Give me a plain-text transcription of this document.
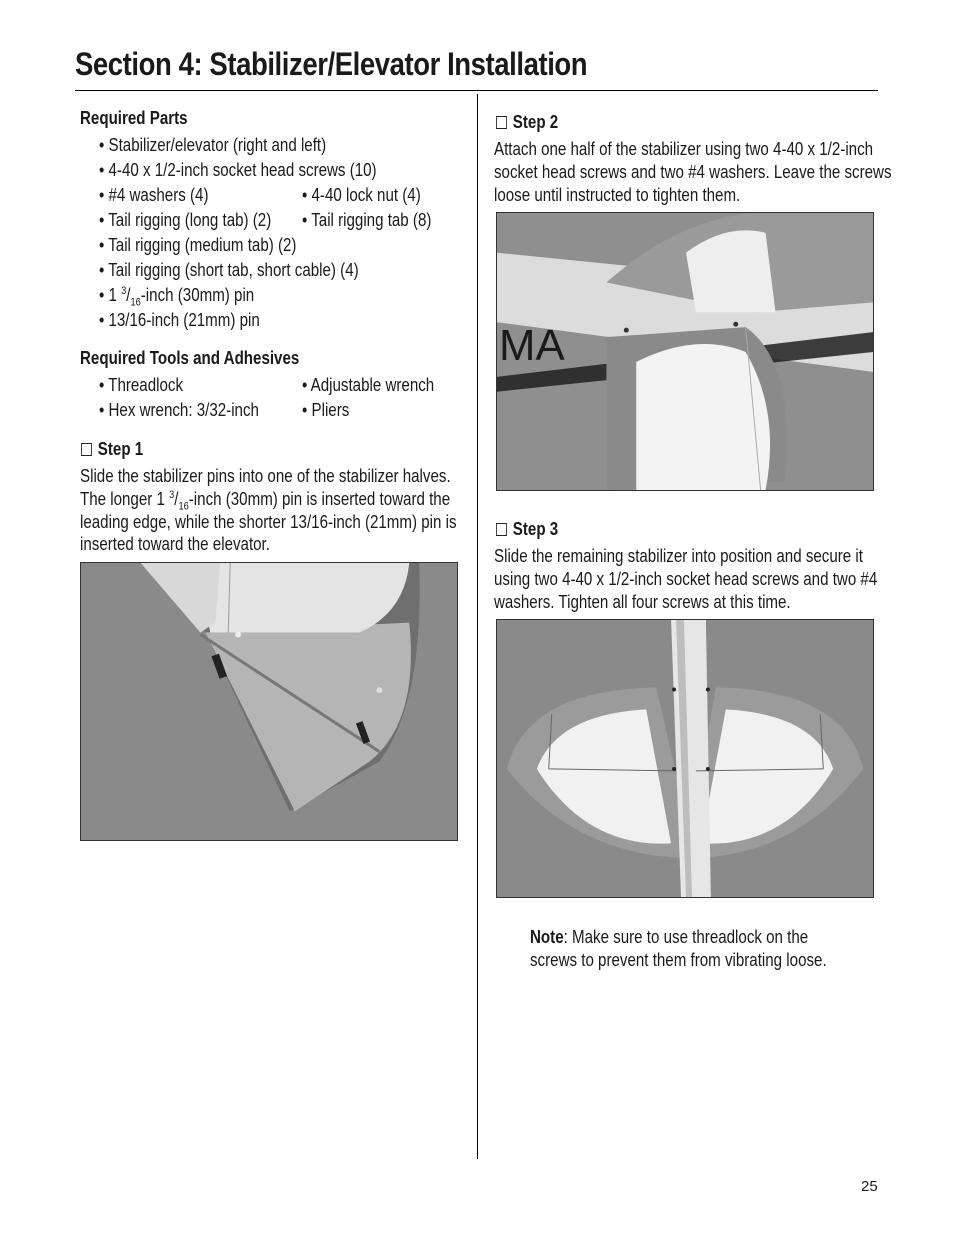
Section 4: Stabilizer/Elevator Installation
Required Parts
• Stabilizer/elevator (right and left)
• 4-40 x 1/2-inch socket head screws (10)
• #4 washers (4)	• 4-40 lock nut (4)
• Tail rigging (long tab) (2) • Tail rigging tab (8)
• Tail rigging (medium tab) (2)
• Tail rigging (short tab, short cable) (4)
• 1 $^3/_{16}$-inch (30mm) pin
• 13/16-inch (21mm) pin
Required Tools and Adhesives
• Threadlock	• Adjustable wrench
• Hex wrench: 3/32-inch • Pliers
Step 1
Slide the stabilizer pins into one of the stabilizer halves.
The longer 1 $^3/_{16}$-inch (30mm) pin is inserted toward the
leading edge, while the shorter 13/16-inch (21mm) pin is
inserted toward the elevator.
Step 2
Attach one half of the stabilizer using two 4-40 x 1/2-inch
socket head screws and two #4 washers. Leave the screws
loose until instructed to tighten them.
MA
Step 3
Slide the remaining stabilizer into position and secure it
using two 4-40 x 1/2-inch socket head screws and two #4
washers. Tighten all four screws at this time.
Note: Make sure to use threadlock on the
screws to prevent them from vibrating loose.
25
